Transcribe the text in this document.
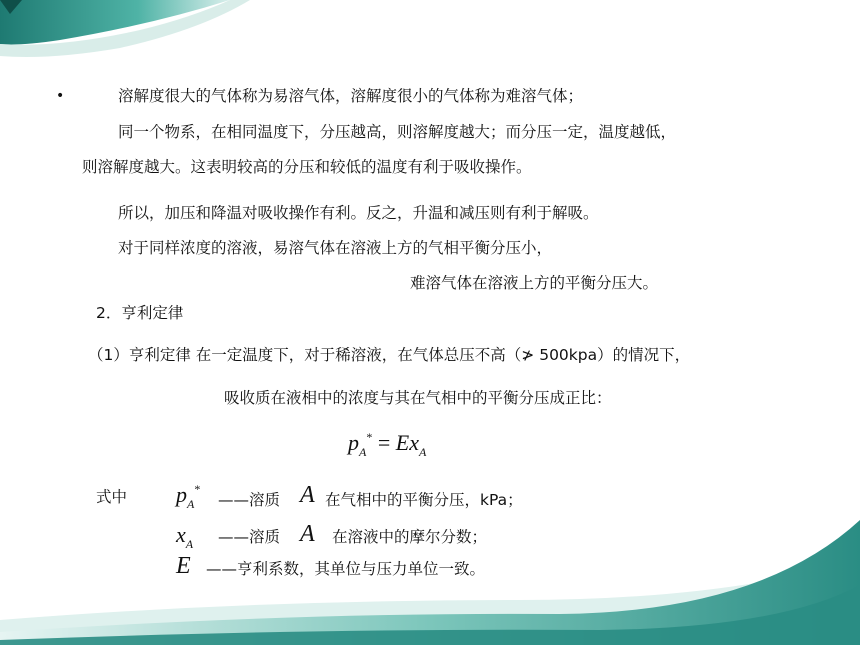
•	溶解度很大的气体称为易溶气体，溶解度很小的气体称为难溶气体；
同一个物系，在相同温度下，分压越高，则溶解度越大；而分压一定，温度越低，
则溶解度越大。这表明较高的分压和较低的温度有利于吸收操作。
所以，加压和降温对吸收操作有利。反之，升温和减压则有利于解吸。
对于同样浓度的溶液，易溶气体在溶液上方的气相平衡分压小，
难溶气体在溶液上方的平衡分压大。
2．亨利定律
（1）亨利定律 在一定温度下，对于稀溶液，在气体总压不高（≯ 500kpa）的情况下，
吸收质在液相中的浓度与其在气相中的平衡分压成正比：
$p_A^* = Ex_A$
式中 $p_A^*$
——溶质 A 在气相中的平衡分压，kPa；
$x_A$ ——溶质 A 在溶液中的摩尔分数；
E ——亨利系数，其单位与压力单位一致。
